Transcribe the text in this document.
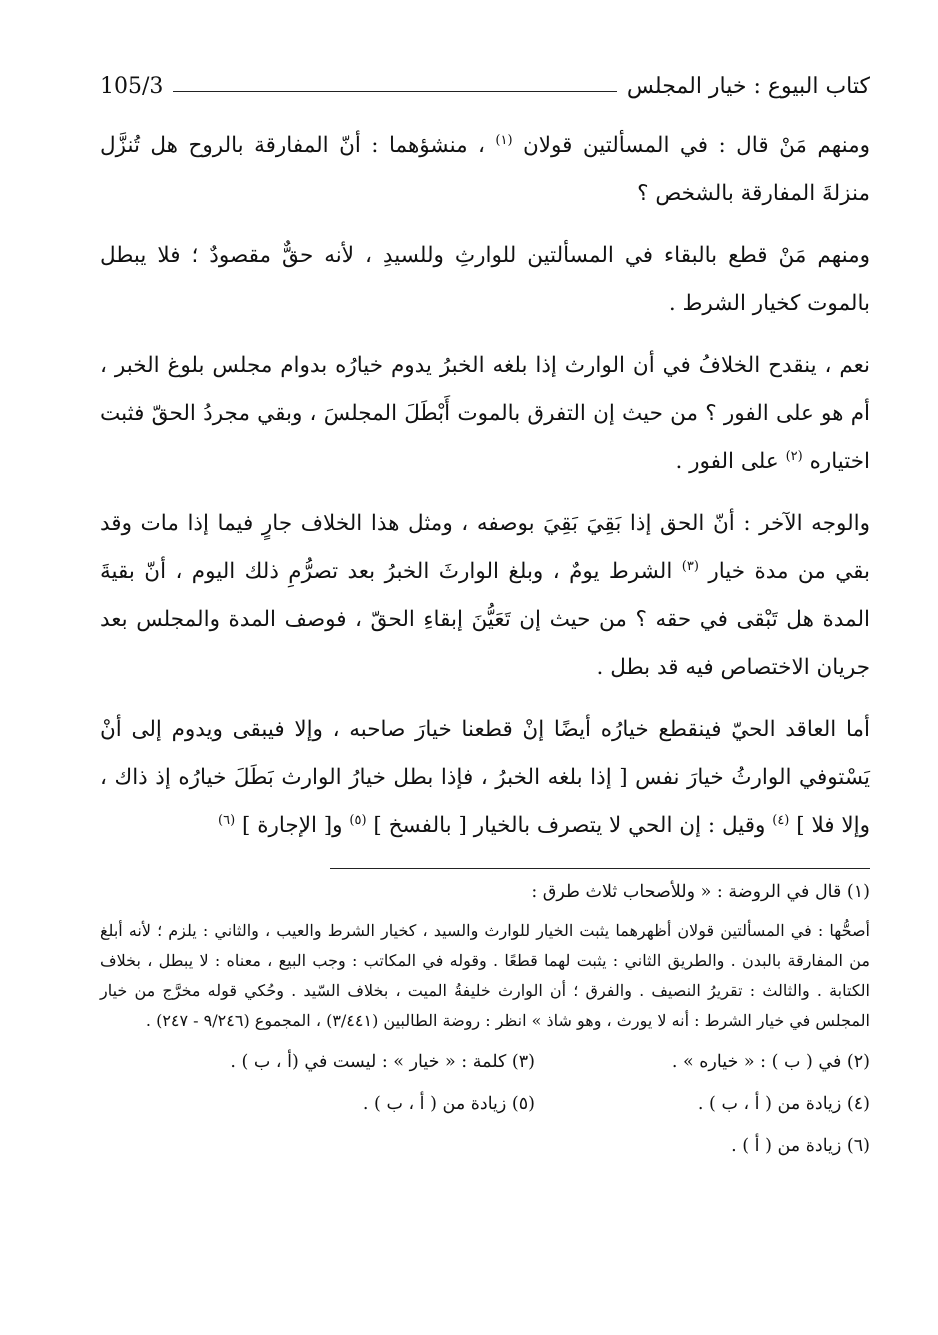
كتاب البيوع : خيار المجلس
105/3

ومنهم مَنْ قال : في المسألتين قولان $^{(١)}$ ، منشؤهما : أنّ المفارقة بالروح هل تُنزَّل منزلةَ المفارقة بالشخص ؟

ومنهم مَنْ قطع بالبقاء في المسألتين للوارثِ وللسيدِ ، لأنه حقٌّ مقصودٌ ؛ فلا يبطل بالموت كخيار الشرط .

نعم ، ينقدح الخلافُ في أن الوارث إذا بلغه الخبرُ يدوم خيارُه بدوام مجلس بلوغ الخبر ، أم هو على الفور ؟ من حيث إن التفرق بالموت أَبْطَلَ المجلسَ ، وبقي مجردُ الحقّ فثبت اختياره $^{(٢)}$ على الفور .

والوجه الآخر : أنّ الحق إذا بَقِيَ بَقِيَ بوصفه ، ومثل هذا الخلاف جارٍ فيما إذا مات وقد بقي من مدة خيار $^{(٣)}$ الشرط يومٌ ، وبلغ الوارثَ الخبرُ بعد تصرُّمِ ذلك اليوم ، أنّ بقيةَ المدة هل تَبْقى في حقه ؟ من حيث إن تَعَيُّنَ إبقاءِ الحقّ ، فوصف المدة والمجلس بعد جريان الاختصاص فيه قد بطل .

أما العاقد الحيّ فينقطع خيارُه أيضًا إنْ قطعنا خيارَ صاحبه ، وإلا فيبقى ويدوم إلى أنْ يَسْتوفي الوارثُ خيارَ نفس [ إذا بلغه الخبرُ ، فإذا بطل خيارُ الوارث بَطَلَ خيارُه إذ ذاك ، وإلا فلا ] $^{(٤)}$ وقيل : إن الحي لا يتصرف بالخيار [ بالفسخ ] $^{(٥)}$ و[ الإجارة ] $^{(٦)}$

(١) قال في الروضة : « وللأصحاب ثلاث طرق :

أصحُّها : في المسألتين قولان أظهرهما يثبت الخيار للوارث والسيد ، كخيار الشرط والعيب ، والثاني : يلزم ؛ لأنه أبلغ من المفارقة بالبدن . والطريق الثاني : يثبت لهما قطعًا . وقوله في المكاتب : وجب البيع ، معناه : لا يبطل ، بخلاف الكتابة . والثالث : تقريرُ النصيف . والفرق ؛ أن الوارث خليفةُ الميت ، بخلاف السّيد . وحُكي قوله مخرَّج من خيار المجلس في خيار الشرط : أنه لا يورث ، وهو شاذ » انظر : روضة الطالبين (٣/٤٤١) ، المجموع (٩/٢٤٦ - ٢٤٧) .

(٢) في ( ب ) : « خياره » .
(٣) كلمة : « خيار » : ليست في (أ ، ب ) .
(٤) زيادة من ( أ ، ب ) .
(٥) زيادة من ( أ ، ب ) .
(٦) زيادة من ( أ ) .
